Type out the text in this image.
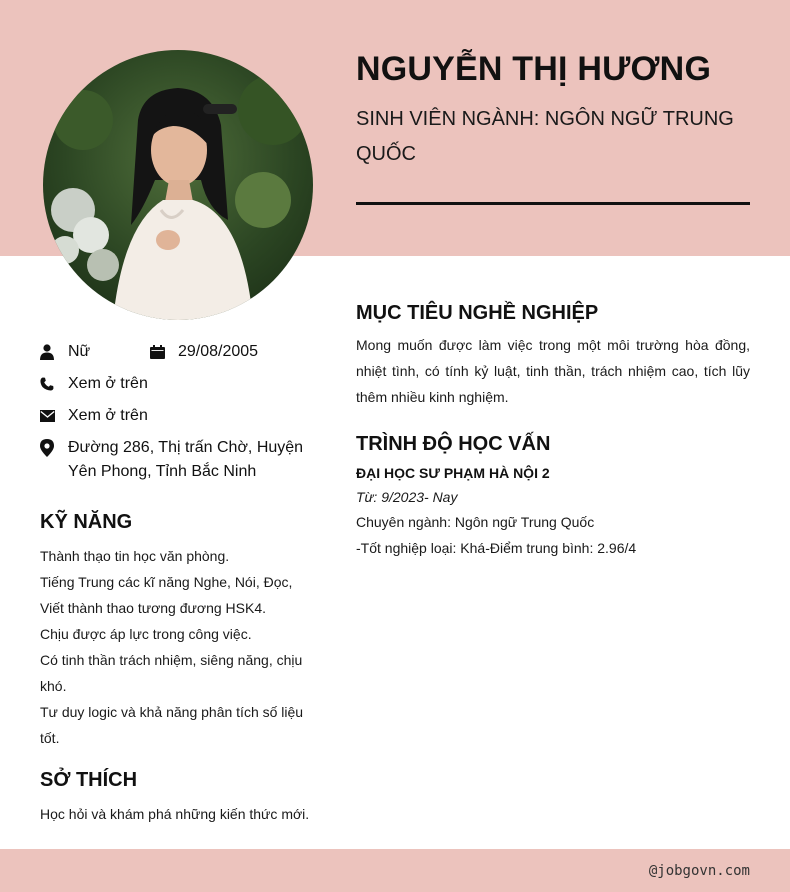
NGUYỄN THỊ HƯƠNG
SINH VIÊN NGÀNH: NGÔN NGỮ TRUNG QUỐC
Nữ	29/08/2005
Xem ở trên
Xem ở trên
Đường 286, Thị trấn Chờ, Huyện Yên Phong, Tỉnh Bắc Ninh
KỸ NĂNG
Thành thạo tin học văn phòng.
Tiếng Trung các kĩ năng Nghe, Nói, Đọc, Viết thành thao tương đương HSK4.
Chịu được áp lực trong công việc.
Có tinh thần trách nhiệm, siêng năng, chịu khó.
Tư duy logic và khả năng phân tích số liệu tốt.
SỞ THÍCH
Học hỏi và khám phá những kiến thức mới.
MỤC TIÊU NGHỀ NGHIỆP
Mong muốn được làm việc trong một môi trường hòa đồng, nhiệt tình, có tính kỷ luật, tinh thần, trách nhiệm cao, tích lũy thêm nhiều kinh nghiệm.
TRÌNH ĐỘ HỌC VẤN
ĐẠI HỌC SƯ PHẠM HÀ NỘI 2
Từ: 9/2023- Nay
Chuyên ngành: Ngôn ngữ Trung Quốc
-Tốt nghiệp loại: Khá-Điểm trung bình: 2.96/4
@jobgovn.com
